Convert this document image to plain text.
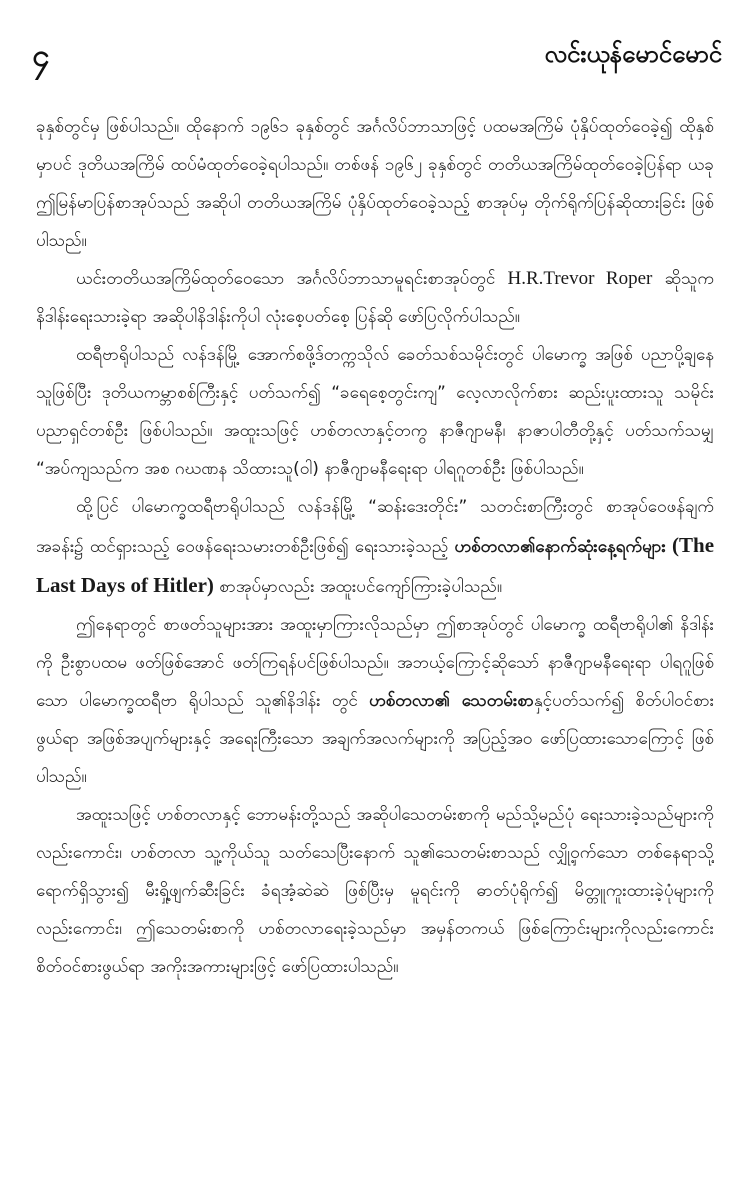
၄	လင်းယုန်မောင်မောင်

ခုနှစ်တွင်မှ ဖြစ်ပါသည်။ ထိုနောက် ၁၉၆၁ ခုနှစ်တွင် အင်္ဂလိပ်ဘာသာဖြင့် ပထမအကြိမ် ပုံနှိပ်ထုတ်ဝေခဲ့၍ ထိုနှစ်မှာပင် ဒုတိယအကြိမ် ထပ်မံထုတ်ဝေခဲ့ရပါသည်။ တစ်ဖန် ၁၉၆၂ ခုနှစ်တွင် တတိယအကြိမ်ထုတ်ဝေခဲ့ပြန်ရာ ယခုဤမြန်မာပြန်စာအုပ်သည် အဆိုပါ တတိယအကြိမ် ပုံနှိပ်ထုတ်ဝေခဲ့သည့် စာအုပ်မှ တိုက်ရိုက်ပြန်ဆိုထားခြင်း ဖြစ်ပါသည်။

ယင်းတတိယအကြိမ်ထုတ်ဝေသော အင်္ဂလိပ်ဘာသာမူရင်းစာအုပ်တွင် H.R.Trevor Roper ဆိုသူက နိဒါန်းရေးသားခဲ့ရာ အဆိုပါနိဒါန်းကိုပါ လုံးစေ့ပတ်စေ့ ပြန်ဆို ဖော်ပြလိုက်ပါသည်။

ထရီဗာရိုပါသည် လန်ဒန်မြို့ အောက်စဖို့ဒ်တက္ကသိုလ် ခေတ်သစ်သမိုင်းတွင် ပါမောက္ခ အဖြစ် ပညာပို့ချနေသူဖြစ်ပြီး ဒုတိယကမ္ဘာစစ်ကြီးနှင့် ပတ်သက်၍ “ခရေစေ့တွင်းကျ” လေ့လာလိုက်စား ဆည်းပူးထားသူ သမိုင်းပညာရှင်တစ်ဦး ဖြစ်ပါသည်။ အထူးသဖြင့် ဟစ်တလာနှင့်တကွ နာဇီဂျာမနီ၊ နာဇာပါတီတို့နှင့် ပတ်သက်သမျှ “အပ်ကျသည်က အစ ဂဃဏန သိထားသူ(ဝါ) နာဇီဂျာမနီရေးရာ ပါရဂူတစ်ဦး ဖြစ်ပါသည်။

ထို့ပြင် ပါမောက္ခထရီဗာရိုပါသည် လန်ဒန်မြို့ “ဆန်းဒေးတိုင်း” သတင်းစာကြီးတွင် စာအုပ်ဝေဖန်ချက်အခန်း၌ ထင်ရှားသည့် ဝေဖန်ရေးသမားတစ်ဦးဖြစ်၍ ရေးသားခဲ့သည့် ဟစ်တလာ၏နောက်ဆုံးနေ့ရက်များ (The Last Days of Hitler) စာအုပ်မှာလည်း အထူးပင်ကျော်ကြားခဲ့ပါသည်။

ဤနေရာတွင် စာဖတ်သူများအား အထူးမှာကြားလိုသည်မှာ ဤစာအုပ်တွင် ပါမောက္ခ ထရီဗာရိုပါ၏ နိဒါန်းကို ဦးစွာပထမ ဖတ်ဖြစ်အောင် ဖတ်ကြရန်ပင်ဖြစ်ပါသည်။ အဘယ့်ကြောင့်ဆိုသော် နာဇီဂျာမနီရေးရာ ပါရဂူဖြစ်သော ပါမောက္ခထရီဗာ ရိုပါသည် သူ၏နိဒါန်း တွင် ဟစ်တလာ၏ သေတမ်းစာနှင့်ပတ်သက်၍ စိတ်ပါဝင်စားဖွယ်ရာ အဖြစ်အပျက်များနှင့် အရေးကြီးသော အချက်အလက်များကို အပြည့်အဝ ဖော်ပြထားသောကြောင့် ဖြစ်ပါသည်။

အထူးသဖြင့် ဟစ်တလာနှင့် ဘောမန်းတို့သည် အဆိုပါသေတမ်းစာကို မည်သို့မည်ပုံ ရေးသားခဲ့သည်များကိုလည်းကောင်း၊ ဟစ်တလာ သူ့ကိုယ်သူ သတ်သေပြီးနောက် သူ၏သေတမ်းစာသည် လျှို့ဝှက်သော တစ်နေရာသို့ ရောက်ရှိသွား၍ မီးရှို့ဖျက်ဆီးခြင်း ခံရအံ့ဆဲဆဲ ဖြစ်ပြီးမှ မူရင်းကို ဓာတ်ပုံရိုက်၍ မိတ္တူကူးထားခဲ့ပုံများကိုလည်းကောင်း၊ ဤသေတမ်းစာကို ဟစ်တလာရေးခဲ့သည်မှာ အမှန်တကယ် ဖြစ်ကြောင်းများကိုလည်းကောင်း စိတ်ဝင်စားဖွယ်ရာ အကိုးအကားများဖြင့် ဖော်ပြထားပါသည်။
